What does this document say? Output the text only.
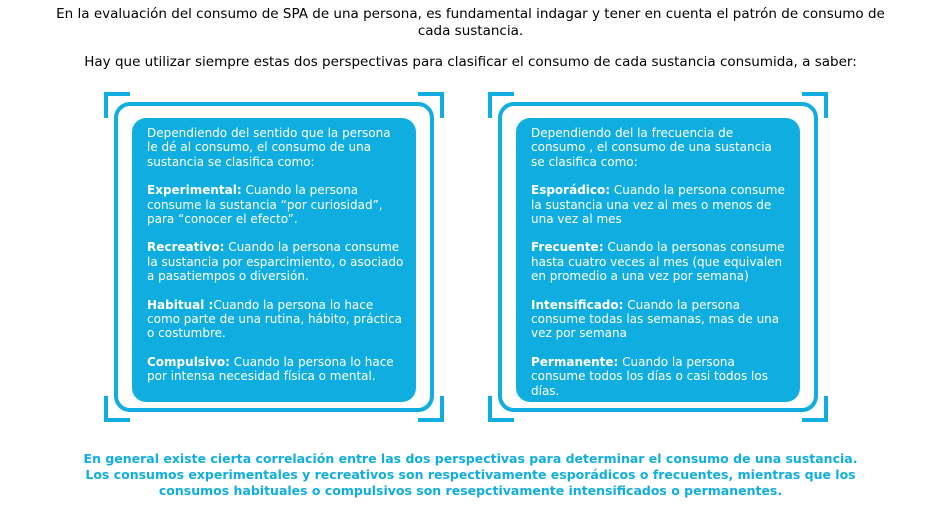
En la evaluación del consumo de SPA de una persona, es fundamental indagar y tener en cuenta el patrón de consumo de cada sustancia.

Hay que utilizar siempre estas dos perspectivas para clasificar el consumo de cada sustancia consumida, a saber:

Dependiendo del sentido que la persona le dé al consumo, el consumo de una sustancia se clasifica como:

Experimental: Cuando la persona consume la sustancia “por curiosidad”, para “conocer el efecto”.

Recreativo: Cuando la persona consume la sustancia por esparcimiento, o asociado a pasatiempos o diversión.

Habitual :Cuando la persona lo hace como parte de una rutina, hábito, práctica o costumbre.

Compulsivo: Cuando la persona lo hace por intensa necesidad física o mental.

Dependiendo del la frecuencia de consumo , el consumo de una sustancia se clasifica como:

Esporádico: Cuando la persona consume la sustancia una vez al mes o menos de una vez al mes

Frecuente: Cuando la personas consume hasta cuatro veces al mes (que equivalen en promedio a una vez por semana)

Intensificado: Cuando la persona consume todas las semanas, mas de una vez por semana

Permanente: Cuando la persona consume todos los días o casi todos los días.

En general existe cierta correlación entre las dos perspectivas para determinar el consumo de una sustancia.
Los consumos experimentales y recreativos son respectivamente esporádicos o frecuentes, mientras que los
consumos habituales o compulsivos son resepctivamente intensificados o permanentes.
